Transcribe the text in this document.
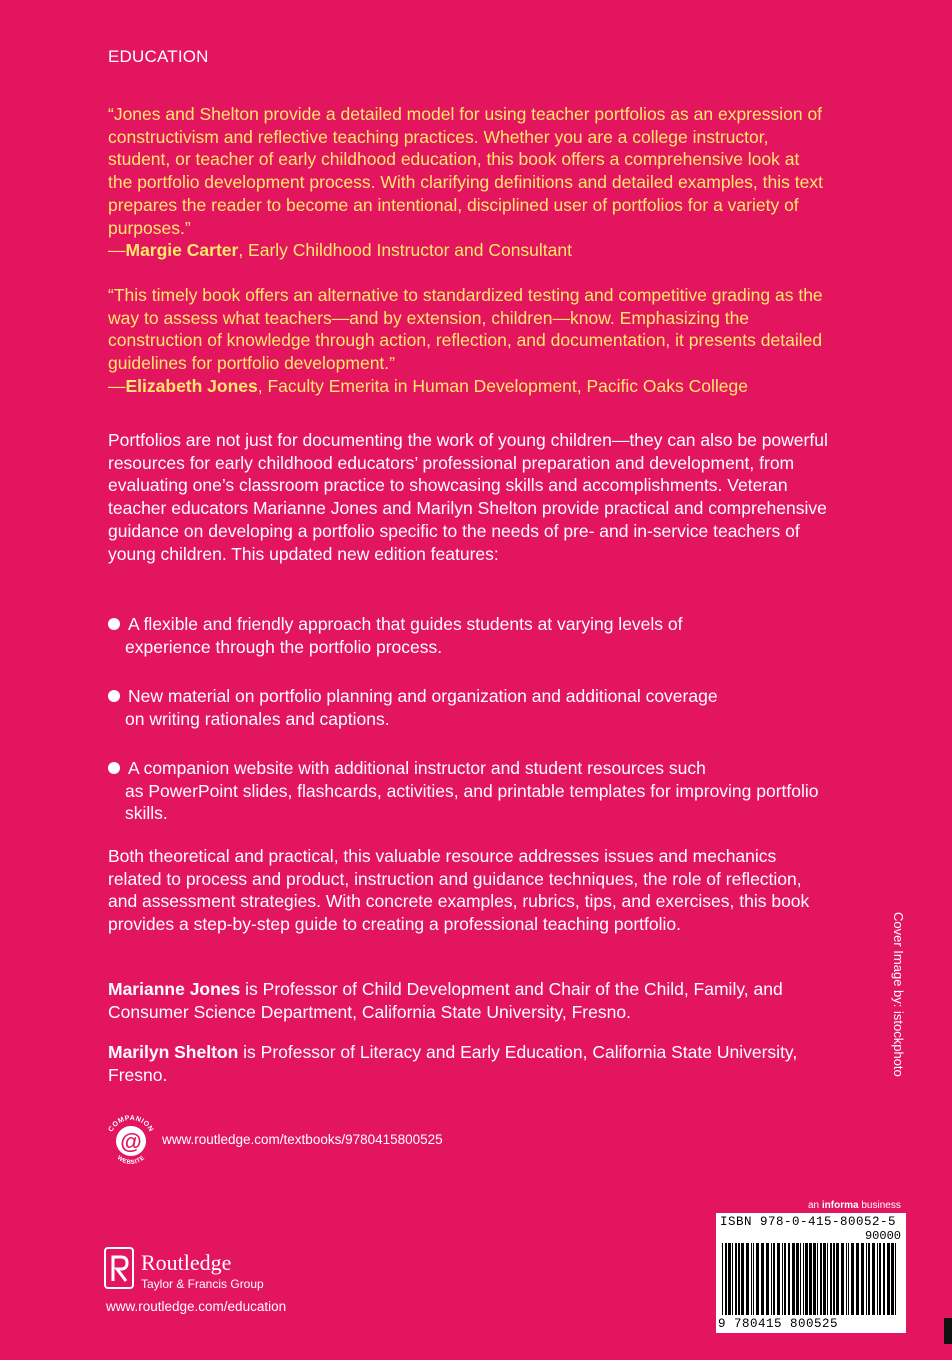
EDUCATION
“Jones and Shelton provide a detailed model for using teacher portfolios as an expression of constructivism and reflective teaching practices. Whether you are a college instructor, student, or teacher of early childhood education, this book offers a comprehensive look at the portfolio development process. With clarifying definitions and detailed examples, this text prepares the reader to become an intentional, disciplined user of portfolios for a variety of purposes.”
—Margie Carter, Early Childhood Instructor and Consultant
“This timely book offers an alternative to standardized testing and competitive grading as the way to assess what teachers—and by extension, children—know. Emphasizing the construction of knowledge through action, reflection, and documentation, it presents detailed guidelines for portfolio development.”
—Elizabeth Jones, Faculty Emerita in Human Development, Pacific Oaks College
Portfolios are not just for documenting the work of young children—they can also be powerful resources for early childhood educators’ professional preparation and development, from evaluating one’s classroom practice to showcasing skills and accomplishments. Veteran teacher educators Marianne Jones and Marilyn Shelton provide practical and comprehensive guidance on developing a portfolio specific to the needs of pre- and in-service teachers of young children. This updated new edition features:
A flexible and friendly approach that guides students at varying levels of
experience through the portfolio process.
New material on portfolio planning and organization and additional coverage
on writing rationales and captions.
A companion website with additional instructor and student resources such
as PowerPoint slides, flashcards, activities, and printable templates for improving portfolio skills.
Both theoretical and practical, this valuable resource addresses issues and mechanics related to process and product, instruction and guidance techniques, the role of reflection, and assessment strategies. With concrete examples, rubrics, tips, and exercises, this book provides a step-by-step guide to creating a professional teaching portfolio.
Marianne Jones is Professor of Child Development and Chair of the Child, Family, and Consumer Science Department, California State University, Fresno.
Marilyn Shelton is Professor of Literacy and Early Education, California State University, Fresno.	Cover Image by: istockphoto
@
COMPANION
WEBSITE
www.routledge.com/textbooks/9780415800525
Routledge
Taylor & Francis Group
www.routledge.com/education
an informa business
ISBN 978-0-415-80052-5
90000
9 780415 800525
